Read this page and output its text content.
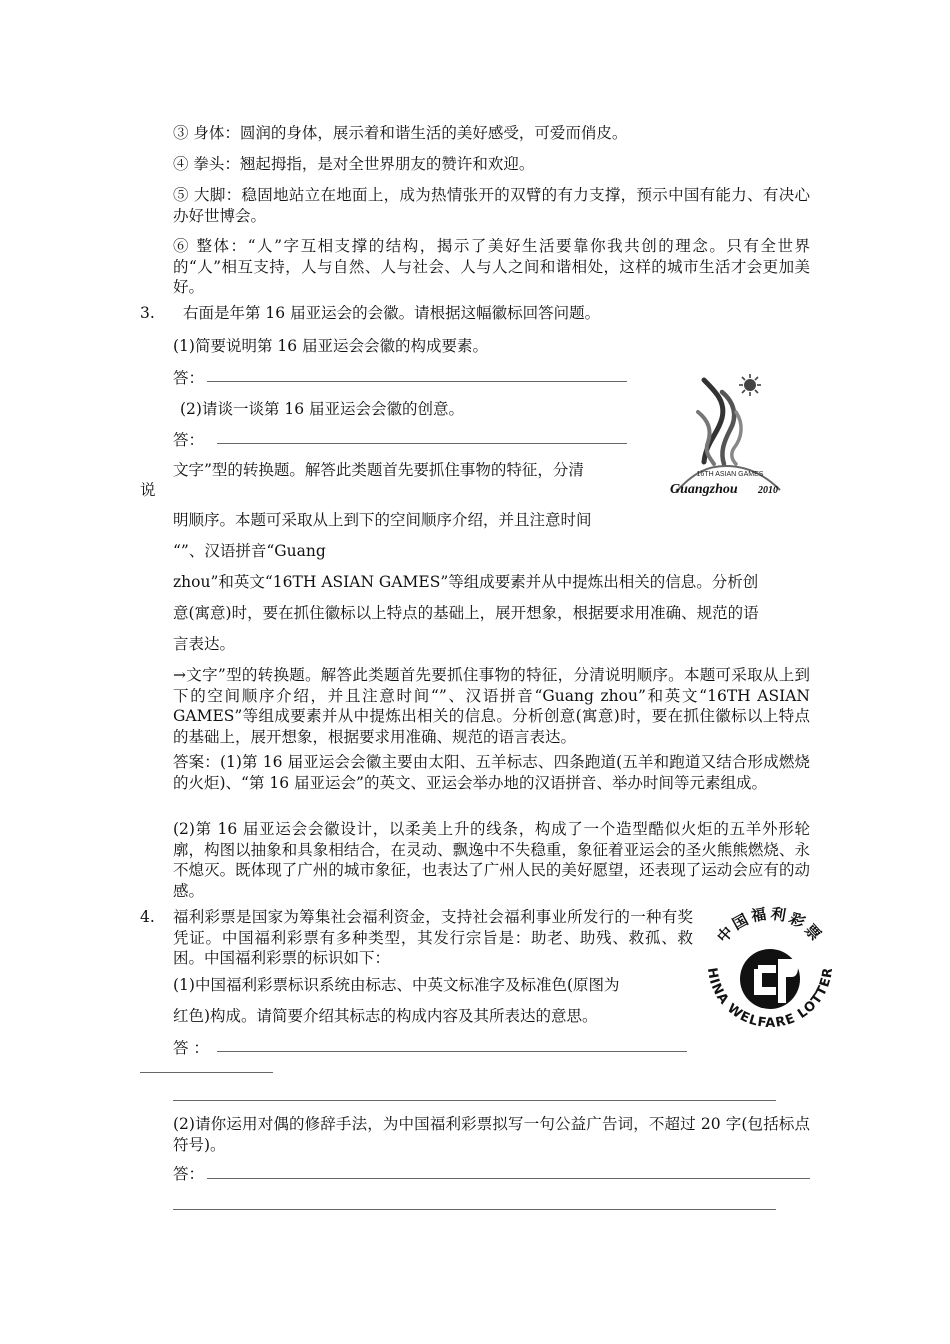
③ 身体：圆润的身体，展示着和谐生活的美好感受，可爱而俏皮。
④ 拳头：翘起拇指，是对全世界朋友的赞许和欢迎。
⑤ 大脚：稳固地站立在地面上，成为热情张开的双臂的有力支撑，预示中国有能力、有决心办好世博会。
⑥ 整体：“人”字互相支撑的结构，揭示了美好生活要靠你我共创的理念。只有全世界的“人”相互支持，人与自然、人与社会、人与人之间和谐相处，这样的城市生活才会更加美好。
3. 右面是年第 16 届亚运会的会徽。请根据这幅徽标回答问题。
(1)简要说明第 16 届亚运会会徽的构成要素。
答：
(2)请谈一谈第 16 届亚运会会徽的创意。
答：
文字”型的转换题。解答此类题首先要抓住事物的特征，分清
说
明顺序。本题可采取从上到下的空间顺序介绍，并且注意时间
“”、汉语拼音“Guang
zhou”和英文“16TH ASIAN GAMES”等组成要素并从中提炼出相关的信息。分析创
意(寓意)时，要在抓住徽标以上特点的基础上，展开想象，根据要求用准确、规范的语
言表达。
→文字”型的转换题。解答此类题首先要抓住事物的特征，分清说明顺序。本题可采取从上到下的空间顺序介绍，并且注意时间“”、汉语拼音“Guang zhou”和英文“16TH ASIAN GAMES”等组成要素并从中提炼出相关的信息。分析创意(寓意)时，要在抓住徽标以上特点的基础上，展开想象，根据要求用准确、规范的语言表达。
答案：(1)第 16 届亚运会会徽主要由太阳、五羊标志、四条跑道(五羊和跑道又结合形成燃烧的火炬)、“第 16 届亚运会”的英文、亚运会举办地的汉语拼音、举办时间等元素组成。
(2)第 16 届亚运会会徽设计，以柔美上升的线条，构成了一个造型酷似火炬的五羊外形轮廓，构图以抽象和具象相结合，在灵动、飘逸中不失稳重，象征着亚运会的圣火熊熊燃烧、永不熄灭。既体现了广州的城市象征，也表达了广州人民的美好愿望，还表现了运动会应有的动感。
4. 福利彩票是国家为筹集社会福利资金，支持社会福利事业所发行的一种有奖凭证。中国福利彩票有多种类型，其发行宗旨是：助老、助残、救孤、救困。中国福利彩票的标识如下：
(1)中国福利彩票标识系统由标志、中英文标准字及标准色(原图为
红色)构成。请简要介绍其标志的构成内容及其所表达的意思。
答 ：
(2)请你运用对偶的修辞手法，为中国福利彩票拟写一句公益广告词，不超过 20 字(包括标点符号)。
答：
16TH ASIAN GAMES
Guangzhou 2010
中国福利彩票
HINA WELFARE LOTTER
